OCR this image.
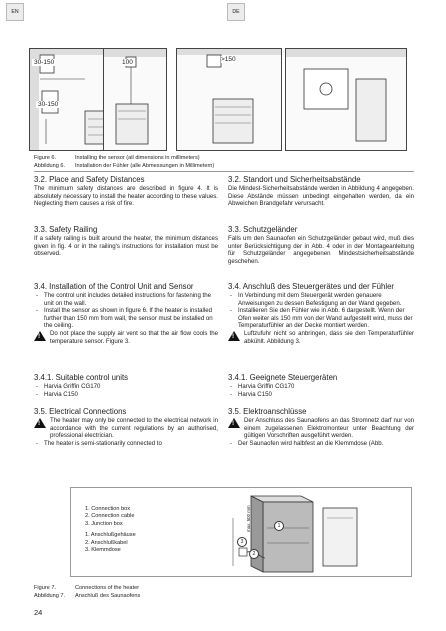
EN	DE
30-150
30-150
100	>150
Figure 6.	Installing the sensor (all dimensions in millimeters)
Abbildung 6. Installation der Fühler (alle Abmessungen in Millimetern)
3.2. Place and Safety Distances
The minimum safety distances are described in figure 4. It is absolutely necessary to install the heater according to these values. Neglecting them causes a risk of fire.
3.3. Safety Railing
If a safety railing is built around the heater, the minimum distances given in fig. 4 or in the railing's instructions for installation must be observed.
3.4. Installation of the Control Unit and Sensor
- The control unit includes detailed instructions for fastening the unit on the wall.
- Install the sensor as shown in figure 6. If the heater is installed further than 150 mm from wall, the sensor must be installed on the ceiling.
!
Do not place the supply air vent so that the air flow cools the temperature sensor. Figure 3.
3.4.1. Suitable control units
- Harvia Griffin CG170
- Harvia C150
3.5. Electrical Connections
!
The heater may only be connected to the electrical network in accordance with the current regulations by an authorised, professional electrician.
- The heater is semi-stationarily connected to
3.2. Standort und Sicherheitsabstände
Die Mindest-Sicherheitsabstände werden in Abbildung 4 angegeben. Diese Abstände müssen unbedingt eingehalten werden, da ein Abweichen Brandgefahr verursacht.
3.3. Schutzgeländer
Falls um den Saunaofen ein Schutzgeländer gebaut wird, muß dies unter Berücksichtigung der in Abb. 4 oder in der Montageanleitung für Schutzgeländer angegebenen Mindestsicherheitsabstände geschehen.
3.4. Anschluß des Steuergerätes und der Fühler
- In Verbindung mit dem Steuergerät werden genauere Anweisungen zu dessen Befestigung an der Wand gegeben.
- Installieren Sie den Fühler wie in Abb. 6 dargestellt. Wenn der Ofen weiter als 150 mm von der Wand aufgestellt wird, muss der Temperaturfühler an der Decke montiert werden.
!
Luftzufuhr nicht so anbringen, dass sie den Temperaturfühler abkühlt. Abbildung 3.
3.4.1. Geeignete Steuergeräten
- Harvia Griffin CG170
- Harvia C150
3.5. Elektroanschlüsse
!
Der Anschluss des Saunaofens an das Stromnetz darf nur von einem zugelassenen Elektromonteur unter Beachtung der gültigen Vorschriften ausgeführt werden.
- Der Saunaofen wird halbfest an die Klemmdose (Abb.
1. Connection box
2. Connection cable
3. Junction box
1. Anschlußgehäuse
2. Anschlußkabel
3. Klemmdose
max. 500 mm	1
2
3
Figure 7.	Connections of the heater
Abbildung 7. Anschluß des Saunaofens
24
